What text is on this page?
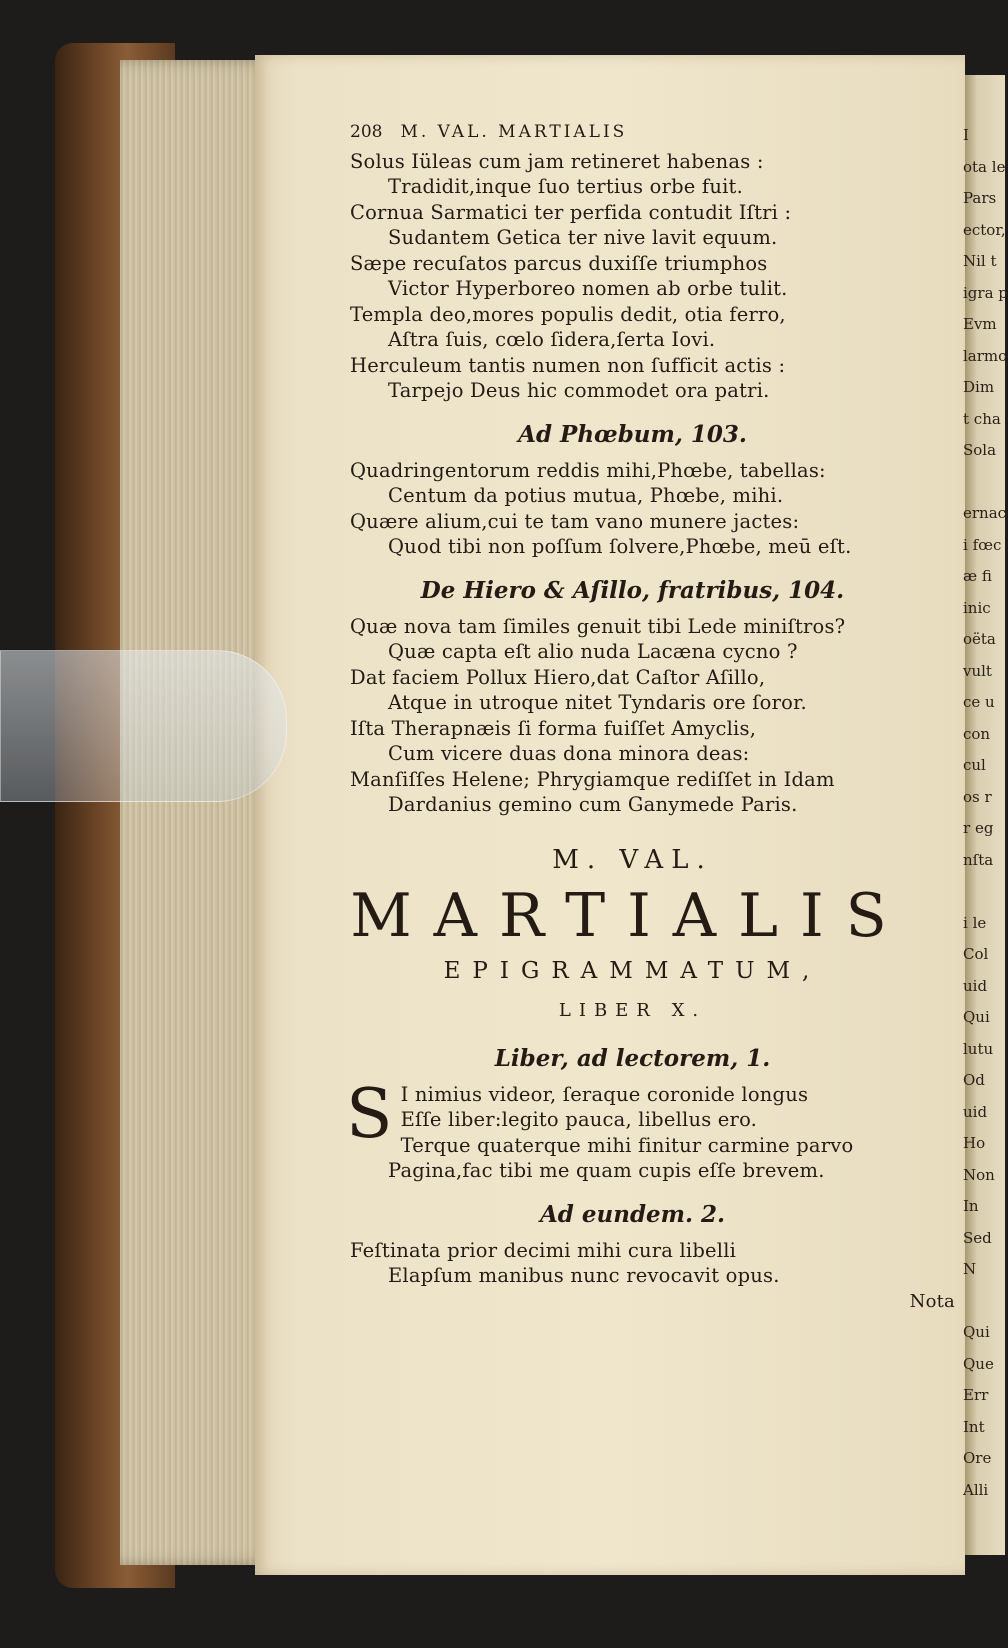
208 M. VAL. MARTIALIS
Solus Iüleas cum jam retineret habenas :
Tradidit,inque ſuo tertius orbe fuit.
Cornua Sarmatici ter perfida contudit Iſtri :
Sudantem Getica ter nive lavit equum.
Sæpe recuſatos parcus duxiſſe triumphos
Victor Hyperboreo nomen ab orbe tulit.
Templa deo,mores populis dedit, otia ferro,
Aſtra ſuis, cœlo ſidera,ſerta Iovi.
Herculeum tantis numen non ſufficit actis :
Tarpejo Deus hic commodet ora patri.
Ad Phœbum, 103.
Quadringentorum reddis mihi,Phœbe, tabellas:
Centum da potius mutua, Phœbe, mihi.
Quære alium,cui te tam vano munere jactes:
Quod tibi non poſſum ſolvere,Phœbe, meū eſt.
De Hiero & Aſillo, fratribus, 104.
Quæ nova tam ſimiles genuit tibi Lede miniſtros?
Quæ capta eſt alio nuda Lacæna cycno ?
Dat faciem Pollux Hiero,dat Caſtor Aſillo,
Atque in utroque nitet Tyndaris ore ſoror.
Iſta Therapnæis ſi forma fuiſſet Amyclis,
Cum vicere duas dona minora deas:
Manſiſſes Helene; Phrygiamque rediſſet in Idam
Dardanius gemino cum Ganymede Paris.
M. VAL.
MARTIALIS
EPIGRAMMATUM,
LIBER X.
Liber, ad lectorem, 1.
S I nimius videor, ſeraque coronide longus
Eſſe liber:legito pauca, libellus ero.
Terque quaterque mihi finitur carmine parvo
Pagina,fac tibi me quam cupis eſſe brevem.
Ad eundem. 2.
Feſtinata prior decimi mihi cura libelli
Elapſum manibus nunc revocavit opus.
Nota
I
ota le
Pars
ector,
Nil t
igra p
Evm
larmo
Dim
t cha
Sola

ernac
i fœc
æ fi
inic
oëta
vult
ce u
con
cul
os r
r eg
nſta

i le
Col
uid
Qui
lutu
Od
uid
Ho
Non
In
Sed
N

Qui
Que
Err
Int
Ore
Alli
